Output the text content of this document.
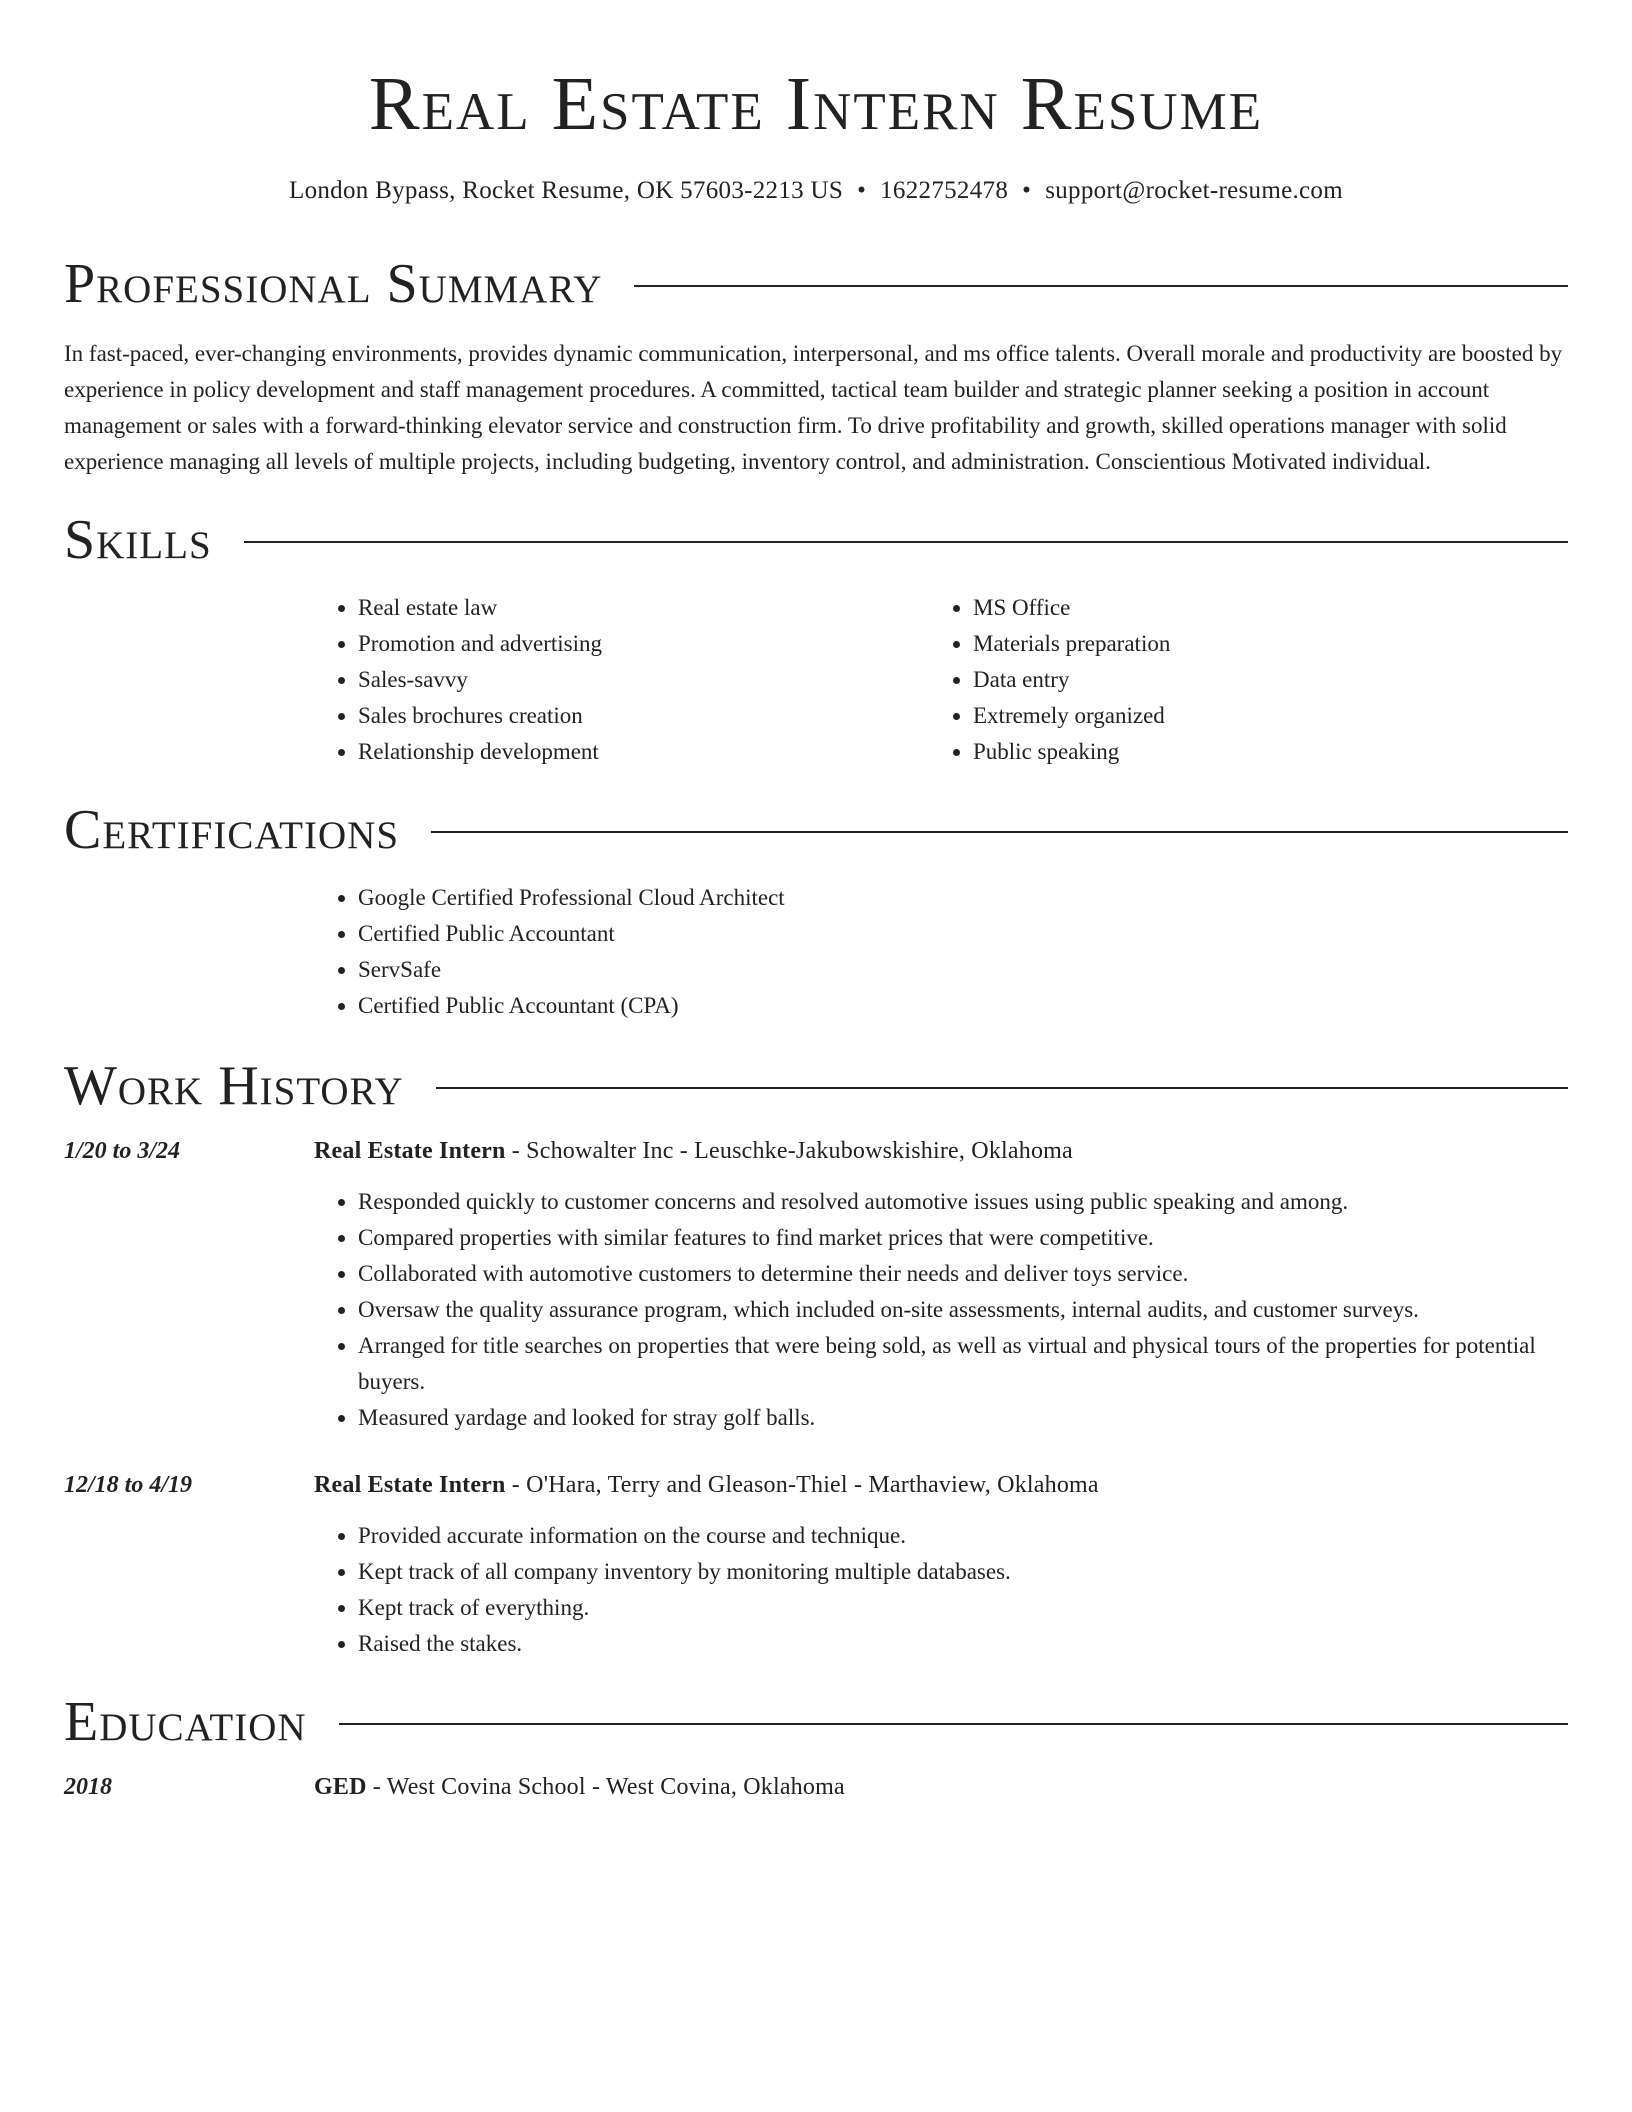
Real Estate Intern Resume
London Bypass, Rocket Resume, OK 57603-2213 US • 1622752478 • support@rocket-resume.com
Professional Summary

In fast-paced, ever-changing environments, provides dynamic communication, interpersonal, and ms office talents. Overall morale and productivity are boosted by experience in policy development and staff management procedures. A committed, tactical team builder and strategic planner seeking a position in account management or sales with a forward-thinking elevator service and construction firm. To drive profitability and growth, skilled operations manager with solid experience managing all levels of multiple projects, including budgeting, inventory control, and administration. Conscientious Motivated individual.

Skills
• Real estate law
• Promotion and advertising
• Sales-savvy
• Sales brochures creation
• Relationship development
• MS Office
• Materials preparation
• Data entry
• Extremely organized
• Public speaking
Certifications
• Google Certified Professional Cloud Architect
• Certified Public Accountant
• ServSafe
• Certified Public Accountant (CPA)
Work History
1/20 to 3/24	Real Estate Intern - Schowalter Inc - Leuschke-Jakubowskishire, Oklahoma
• Responded quickly to customer concerns and resolved automotive issues using public speaking and among.
• Compared properties with similar features to find market prices that were competitive.
• Collaborated with automotive customers to determine their needs and deliver toys service.
• Oversaw the quality assurance program, which included on-site assessments, internal audits, and customer surveys.
• Arranged for title searches on properties that were being sold, as well as virtual and physical tours of the properties for potential buyers.
• Measured yardage and looked for stray golf balls.
12/18 to 4/19	Real Estate Intern - O'Hara, Terry and Gleason-Thiel - Marthaview, Oklahoma
• Provided accurate information on the course and technique.
• Kept track of all company inventory by monitoring multiple databases.
• Kept track of everything.
• Raised the stakes.
Education
2018	GED - West Covina School - West Covina, Oklahoma
